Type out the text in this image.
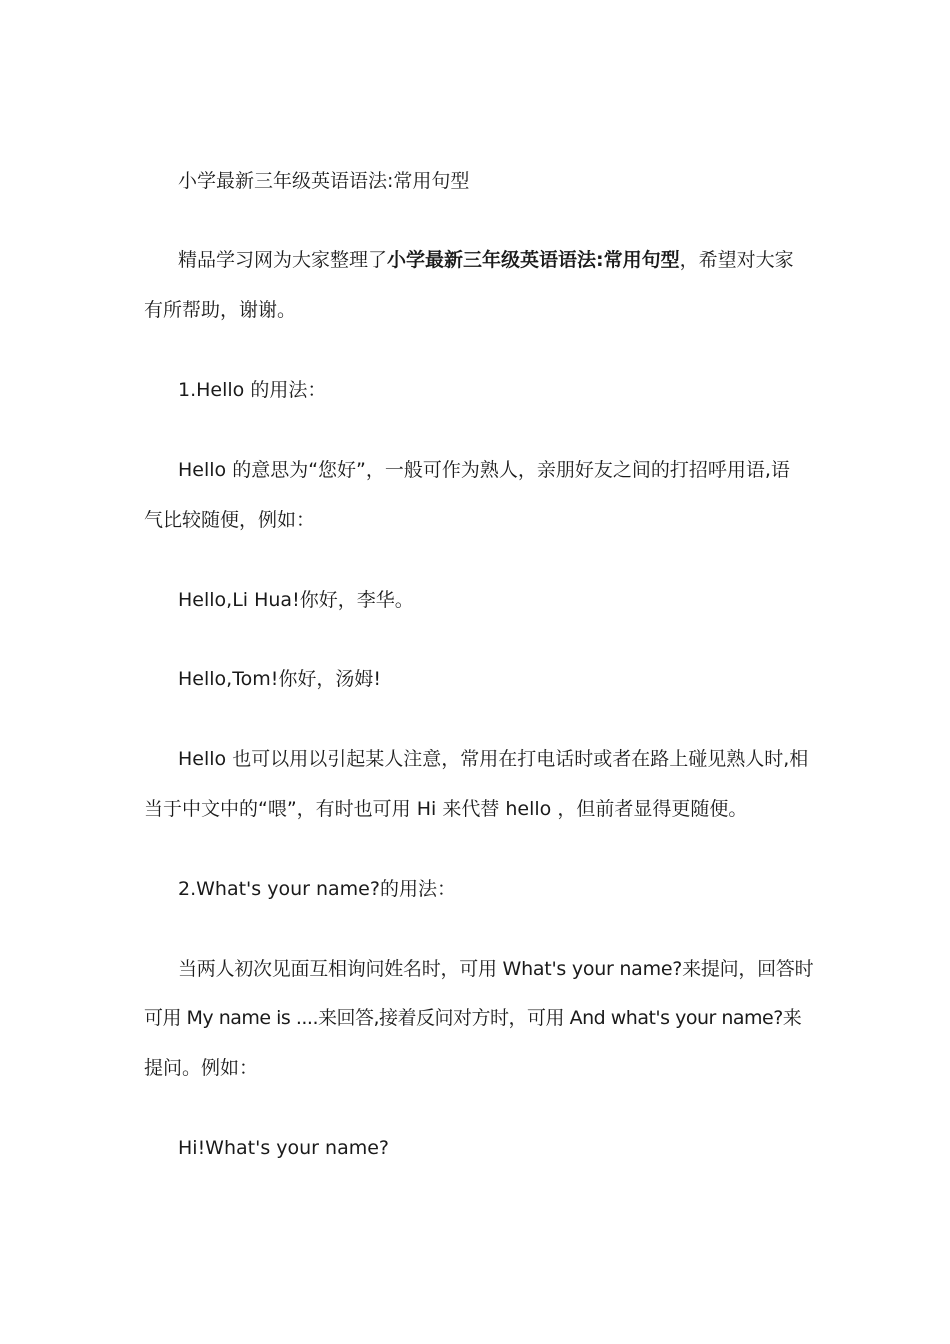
小学最新三年级英语语法:常用句型
精品学习网为大家整理了小学最新三年级英语语法:常用句型，希望对大家
有所帮助，谢谢。
1.Hello 的用法：
Hello 的意思为“您好”，一般可作为熟人，亲朋好友之间的打招呼用语,语
气比较随便，例如：
Hello,Li Hua!你好，李华。
Hello,Tom!你好，汤姆!
Hello 也可以用以引起某人注意，常用在打电话时或者在路上碰见熟人时,相
当于中文中的“喂”，有时也可用 Hi 来代替 hello ，但前者显得更随便。
2.What's your name?的用法：
当两人初次见面互相询问姓名时，可用 What's your name?来提问，回答时
可用 My name is ....来回答,接着反问对方时，可用 And what's your name?来
提问。例如：
Hi!What's your name?
